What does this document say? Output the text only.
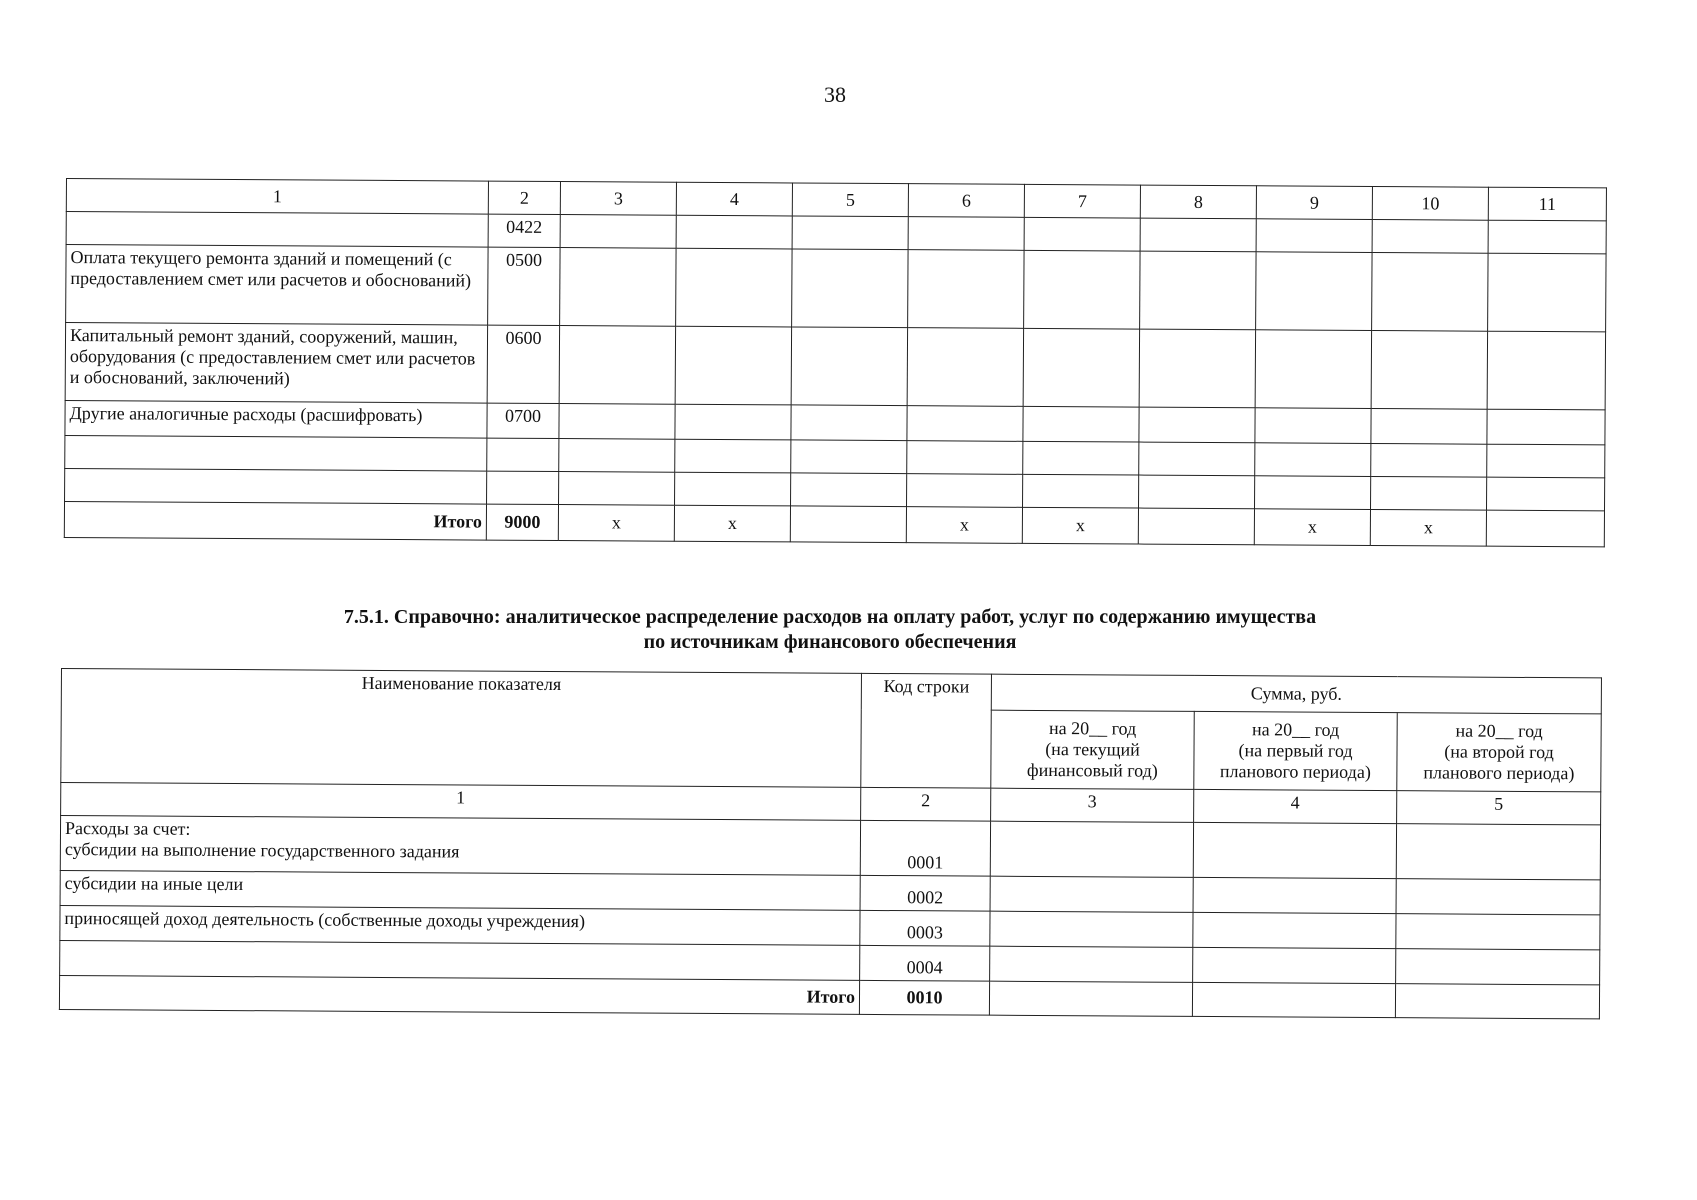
38
1	2	3	4	5	6	7	8	9	10	11
	0422									
Оплата текущего ремонта зданий и помещений (с предоставлением смет или расчетов и обоснований)	0500									
Капитальный ремонт зданий, сооружений, машин, оборудования (с предоставлением смет или расчетов и обоснований, заключений)	0600									
Другие аналогичные расходы (расшифровать)	0700									

Итого	9000	x	x		x	x		x	x	
7.5.1. Справочно: аналитическое распределение расходов на оплату работ, услуг по содержанию имущества
по источникам финансового обеспечения
Наименование показателя	Код строки	Сумма, руб.		
		на 20__ год
(на текущий
финансовый год)	на 20__ год
(на первый год
планового периода)	на 20__ год
(на второй год
планового периода)
1	2	3	4	5
Расходы за счет:
субсидии на выполнение государственного задания	0001			
субсидии на иные цели	0002			
приносящей доход деятельность (собственные доходы учреждения)	0003			
	0004			
Итого	0010			
